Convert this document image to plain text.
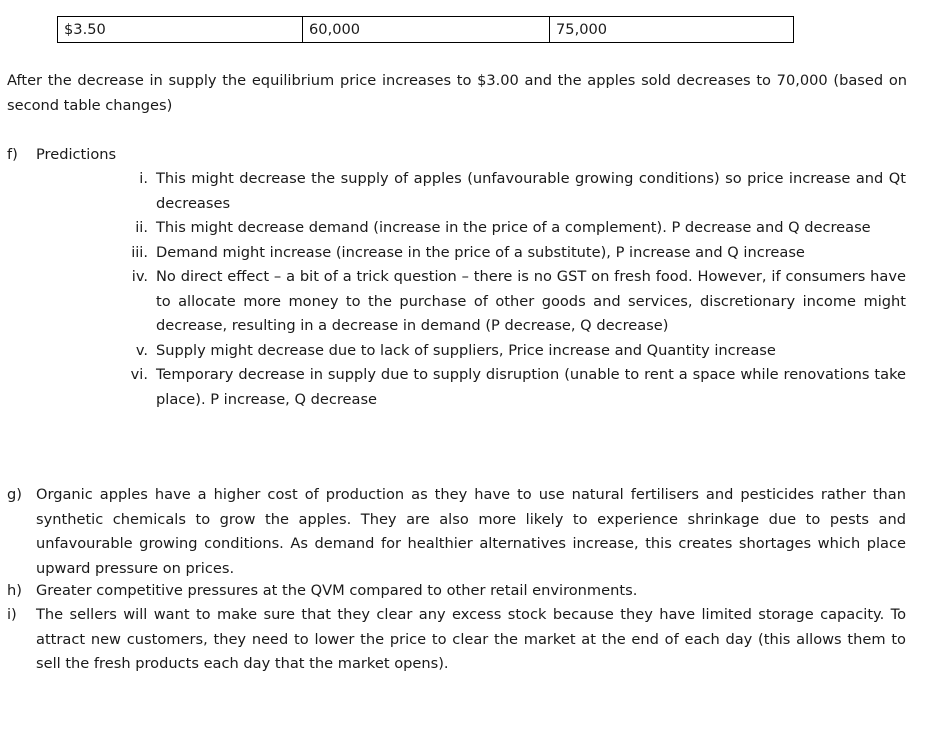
$3.50	60,000	75,000
After the decrease in supply the equilibrium price increases to $3.00 and the apples sold decreases to 70,000 (based on second table changes)
f)	Predictions
i. This might decrease the supply of apples (unfavourable growing conditions) so price increase and Qt decreases
ii. This might decrease demand (increase in the price of a complement). P decrease and Q decrease
iii. Demand might increase (increase in the price of a substitute), P increase and Q increase
iv. No direct effect – a bit of a trick question – there is no GST on fresh food. However, if consumers have to allocate more money to the purchase of other goods and services, discretionary income might decrease, resulting in a decrease in demand (P decrease, Q decrease)
v. Supply might decrease due to lack of suppliers, Price increase and Quantity increase
vi. Temporary decrease in supply due to supply disruption (unable to rent a space while renovations take place). P increase, Q decrease
g) Organic apples have a higher cost of production as they have to use natural fertilisers and pesticides rather than synthetic chemicals to grow the apples. They are also more likely to experience shrinkage due to pests and unfavourable growing conditions. As demand for healthier alternatives increase, this creates shortages which place upward pressure on prices.
h) Greater competitive pressures at the QVM compared to other retail environments.
i)	The sellers will want to make sure that they clear any excess stock because they have limited storage capacity. To attract new customers, they need to lower the price to clear the market at the end of each day (this allows them to sell the fresh products each day that the market opens).
